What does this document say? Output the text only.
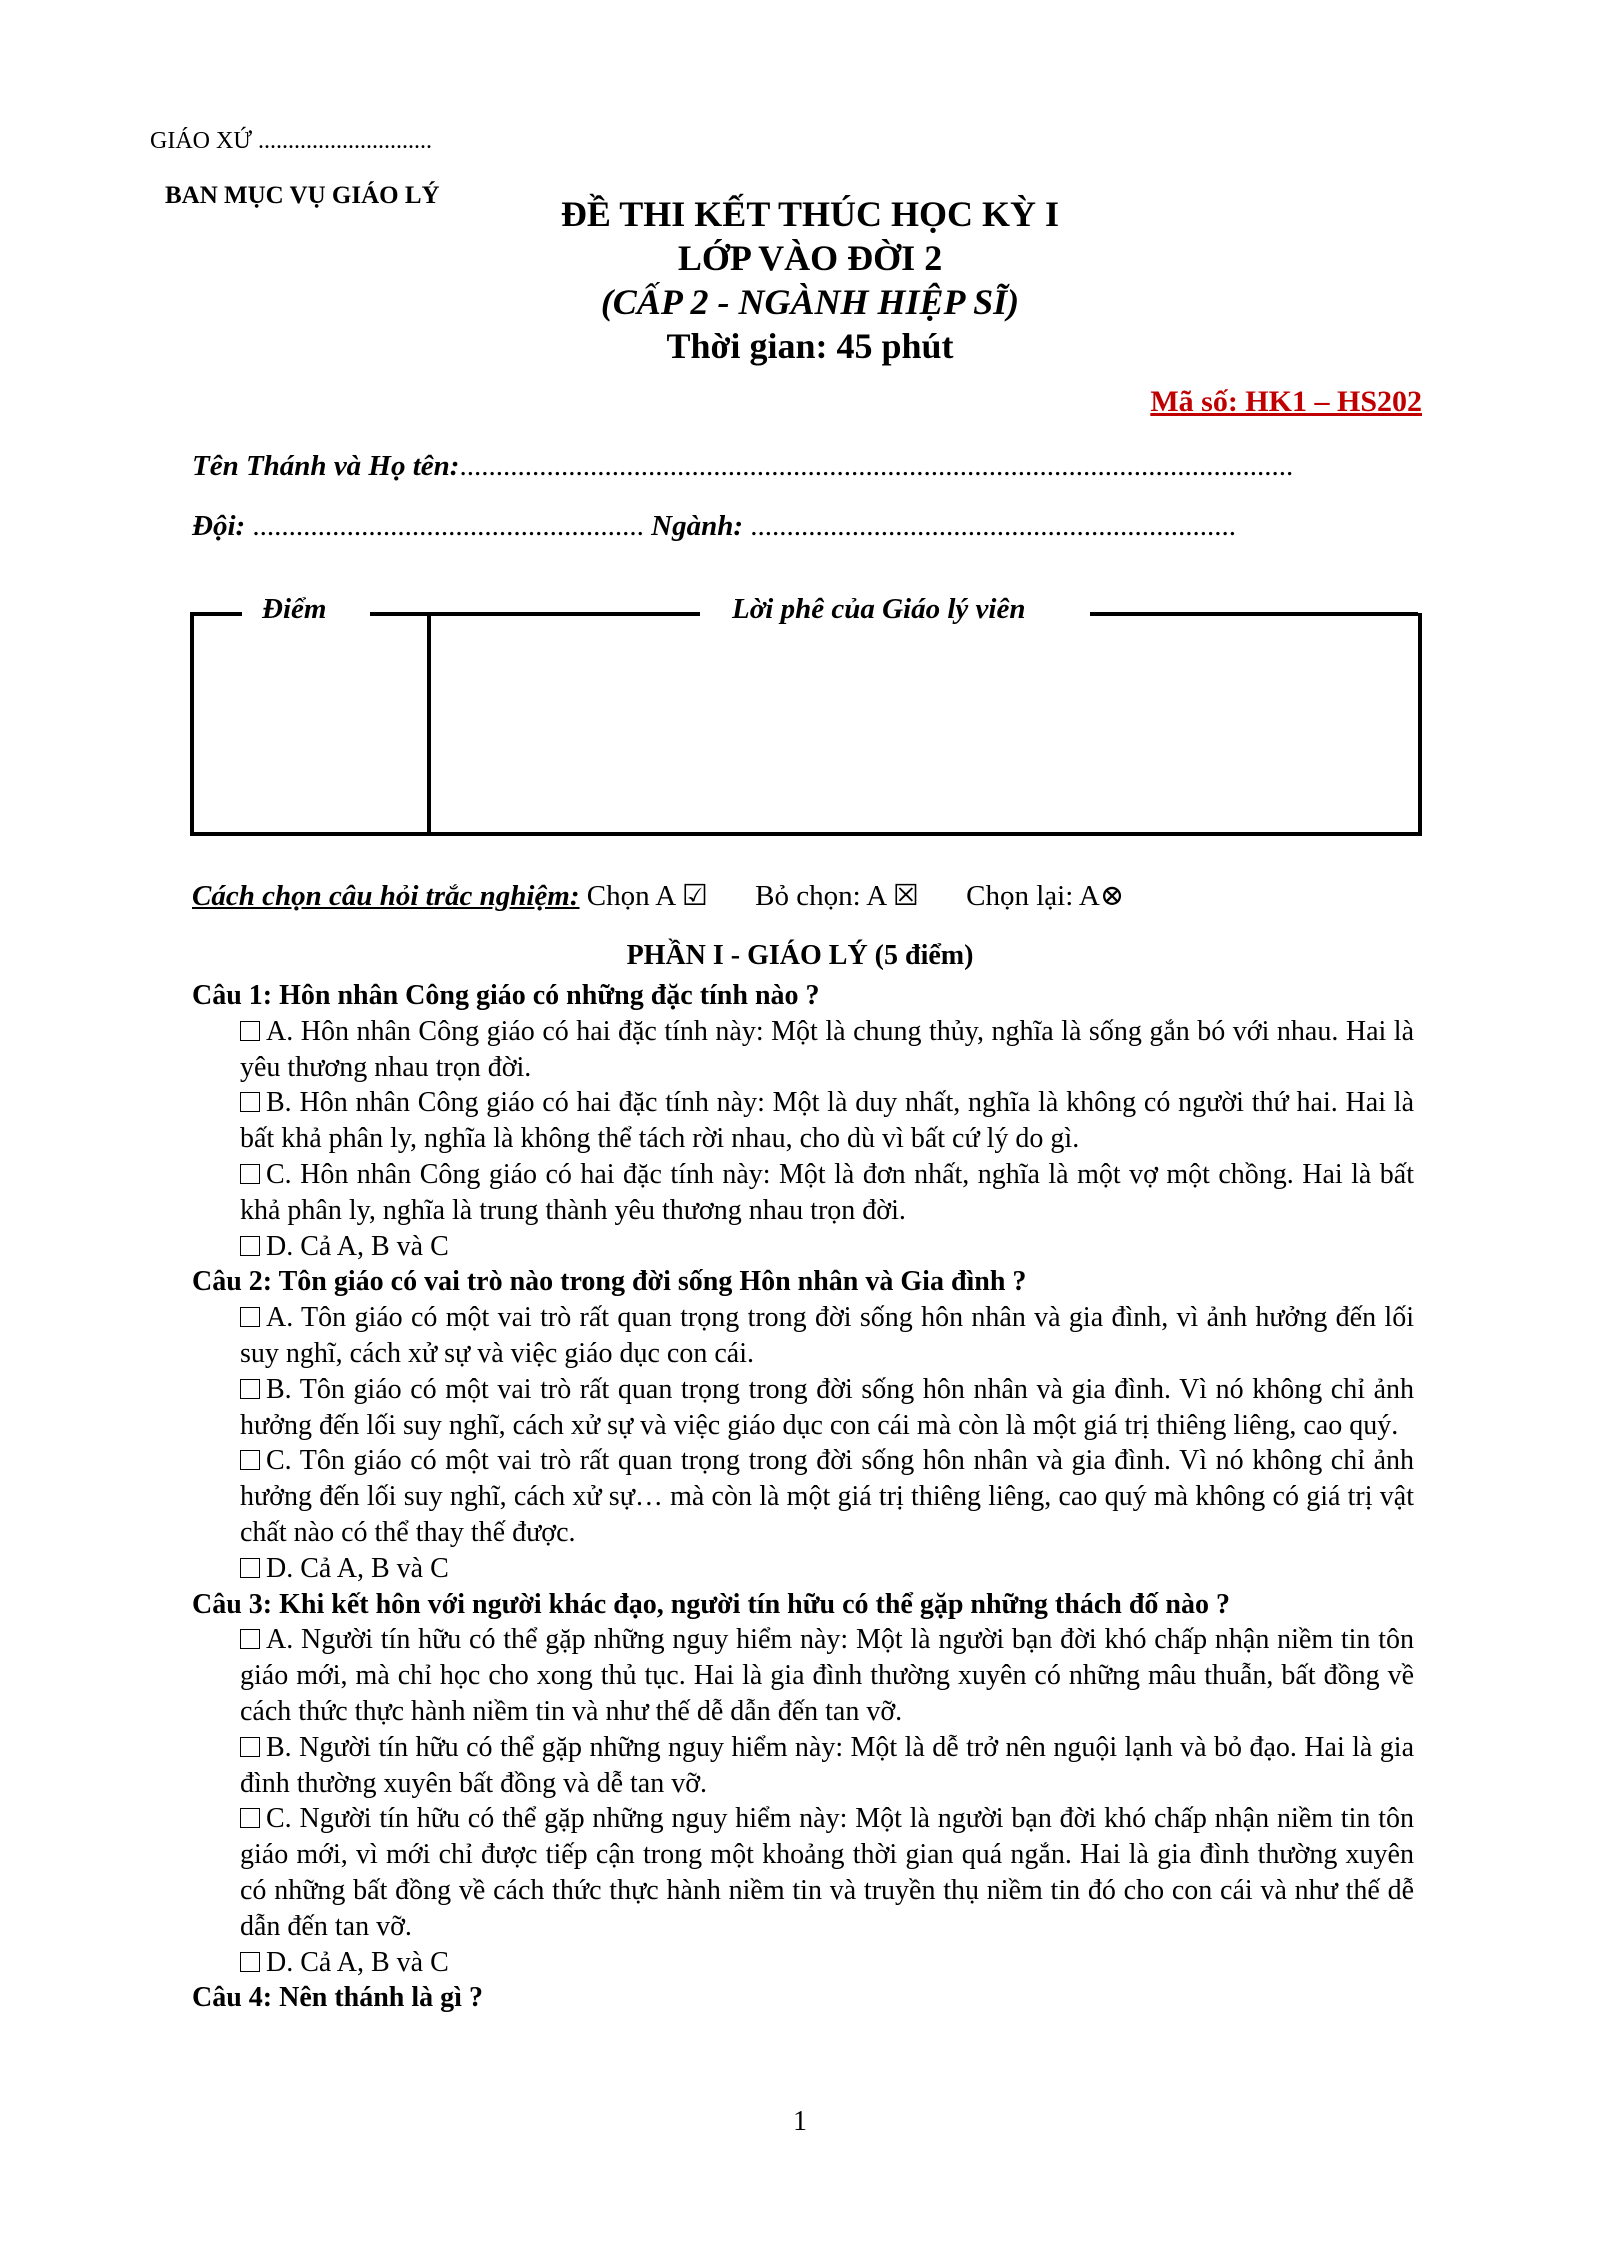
GIÁO XỨ .............................
BAN MỤC VỤ GIÁO LÝ	ĐỀ THI KẾT THÚC HỌC KỲ I
LỚP VÀO ĐỜI 2
(CẤP 2 - NGÀNH HIỆP SĨ)
Thời gian: 45 phút
Mã số: HK1 – HS202
Tên Thánh và Họ tên:...................................................................................................................
Đội: ...................................................... Ngành: ...................................................................
Điểm	Lời phê của Giáo lý viên
Cách chọn câu hỏi trắc nghiệm: Chọn A ☑ Bỏ chọn: A ☒ Chọn lại: A⊗
PHẦN I - GIÁO LÝ (5 điểm)
Câu 1: Hôn nhân Công giáo có những đặc tính nào ?
A. Hôn nhân Công giáo có hai đặc tính này: Một là chung thủy, nghĩa là sống gắn bó với nhau. Hai là yêu thương nhau trọn đời.
B. Hôn nhân Công giáo có hai đặc tính này: Một là duy nhất, nghĩa là không có người thứ hai. Hai là bất khả phân ly, nghĩa là không thể tách rời nhau, cho dù vì bất cứ lý do gì.
C. Hôn nhân Công giáo có hai đặc tính này: Một là đơn nhất, nghĩa là một vợ một chồng. Hai là bất khả phân ly, nghĩa là trung thành yêu thương nhau trọn đời.
D. Cả A, B và C
Câu 2: Tôn giáo có vai trò nào trong đời sống Hôn nhân và Gia đình ?
A. Tôn giáo có một vai trò rất quan trọng trong đời sống hôn nhân và gia đình, vì ảnh hưởng đến lối suy nghĩ, cách xử sự và việc giáo dục con cái.
B. Tôn giáo có một vai trò rất quan trọng trong đời sống hôn nhân và gia đình. Vì nó không chỉ ảnh hưởng đến lối suy nghĩ, cách xử sự và việc giáo dục con cái mà còn là một giá trị thiêng liêng, cao quý.
C. Tôn giáo có một vai trò rất quan trọng trong đời sống hôn nhân và gia đình. Vì nó không chỉ ảnh hưởng đến lối suy nghĩ, cách xử sự… mà còn là một giá trị thiêng liêng, cao quý mà không có giá trị vật chất nào có thể thay thế được.
D. Cả A, B và C
Câu 3: Khi kết hôn với người khác đạo, người tín hữu có thể gặp những thách đố nào ?
A. Người tín hữu có thể gặp những nguy hiểm này: Một là người bạn đời khó chấp nhận niềm tin tôn giáo mới, mà chỉ học cho xong thủ tục. Hai là gia đình thường xuyên có những mâu thuẫn, bất đồng về cách thức thực hành niềm tin và như thế dễ dẫn đến tan vỡ.
B. Người tín hữu có thể gặp những nguy hiểm này: Một là dễ trở nên nguội lạnh và bỏ đạo. Hai là gia đình thường xuyên bất đồng và dễ tan vỡ.
C. Người tín hữu có thể gặp những nguy hiểm này: Một là người bạn đời khó chấp nhận niềm tin tôn giáo mới, vì mới chỉ được tiếp cận trong một khoảng thời gian quá ngắn. Hai là gia đình thường xuyên có những bất đồng về cách thức thực hành niềm tin và truyền thụ niềm tin đó cho con cái và như thế dễ dẫn đến tan vỡ.
D. Cả A, B và C
Câu 4: Nên thánh là gì ?
1
